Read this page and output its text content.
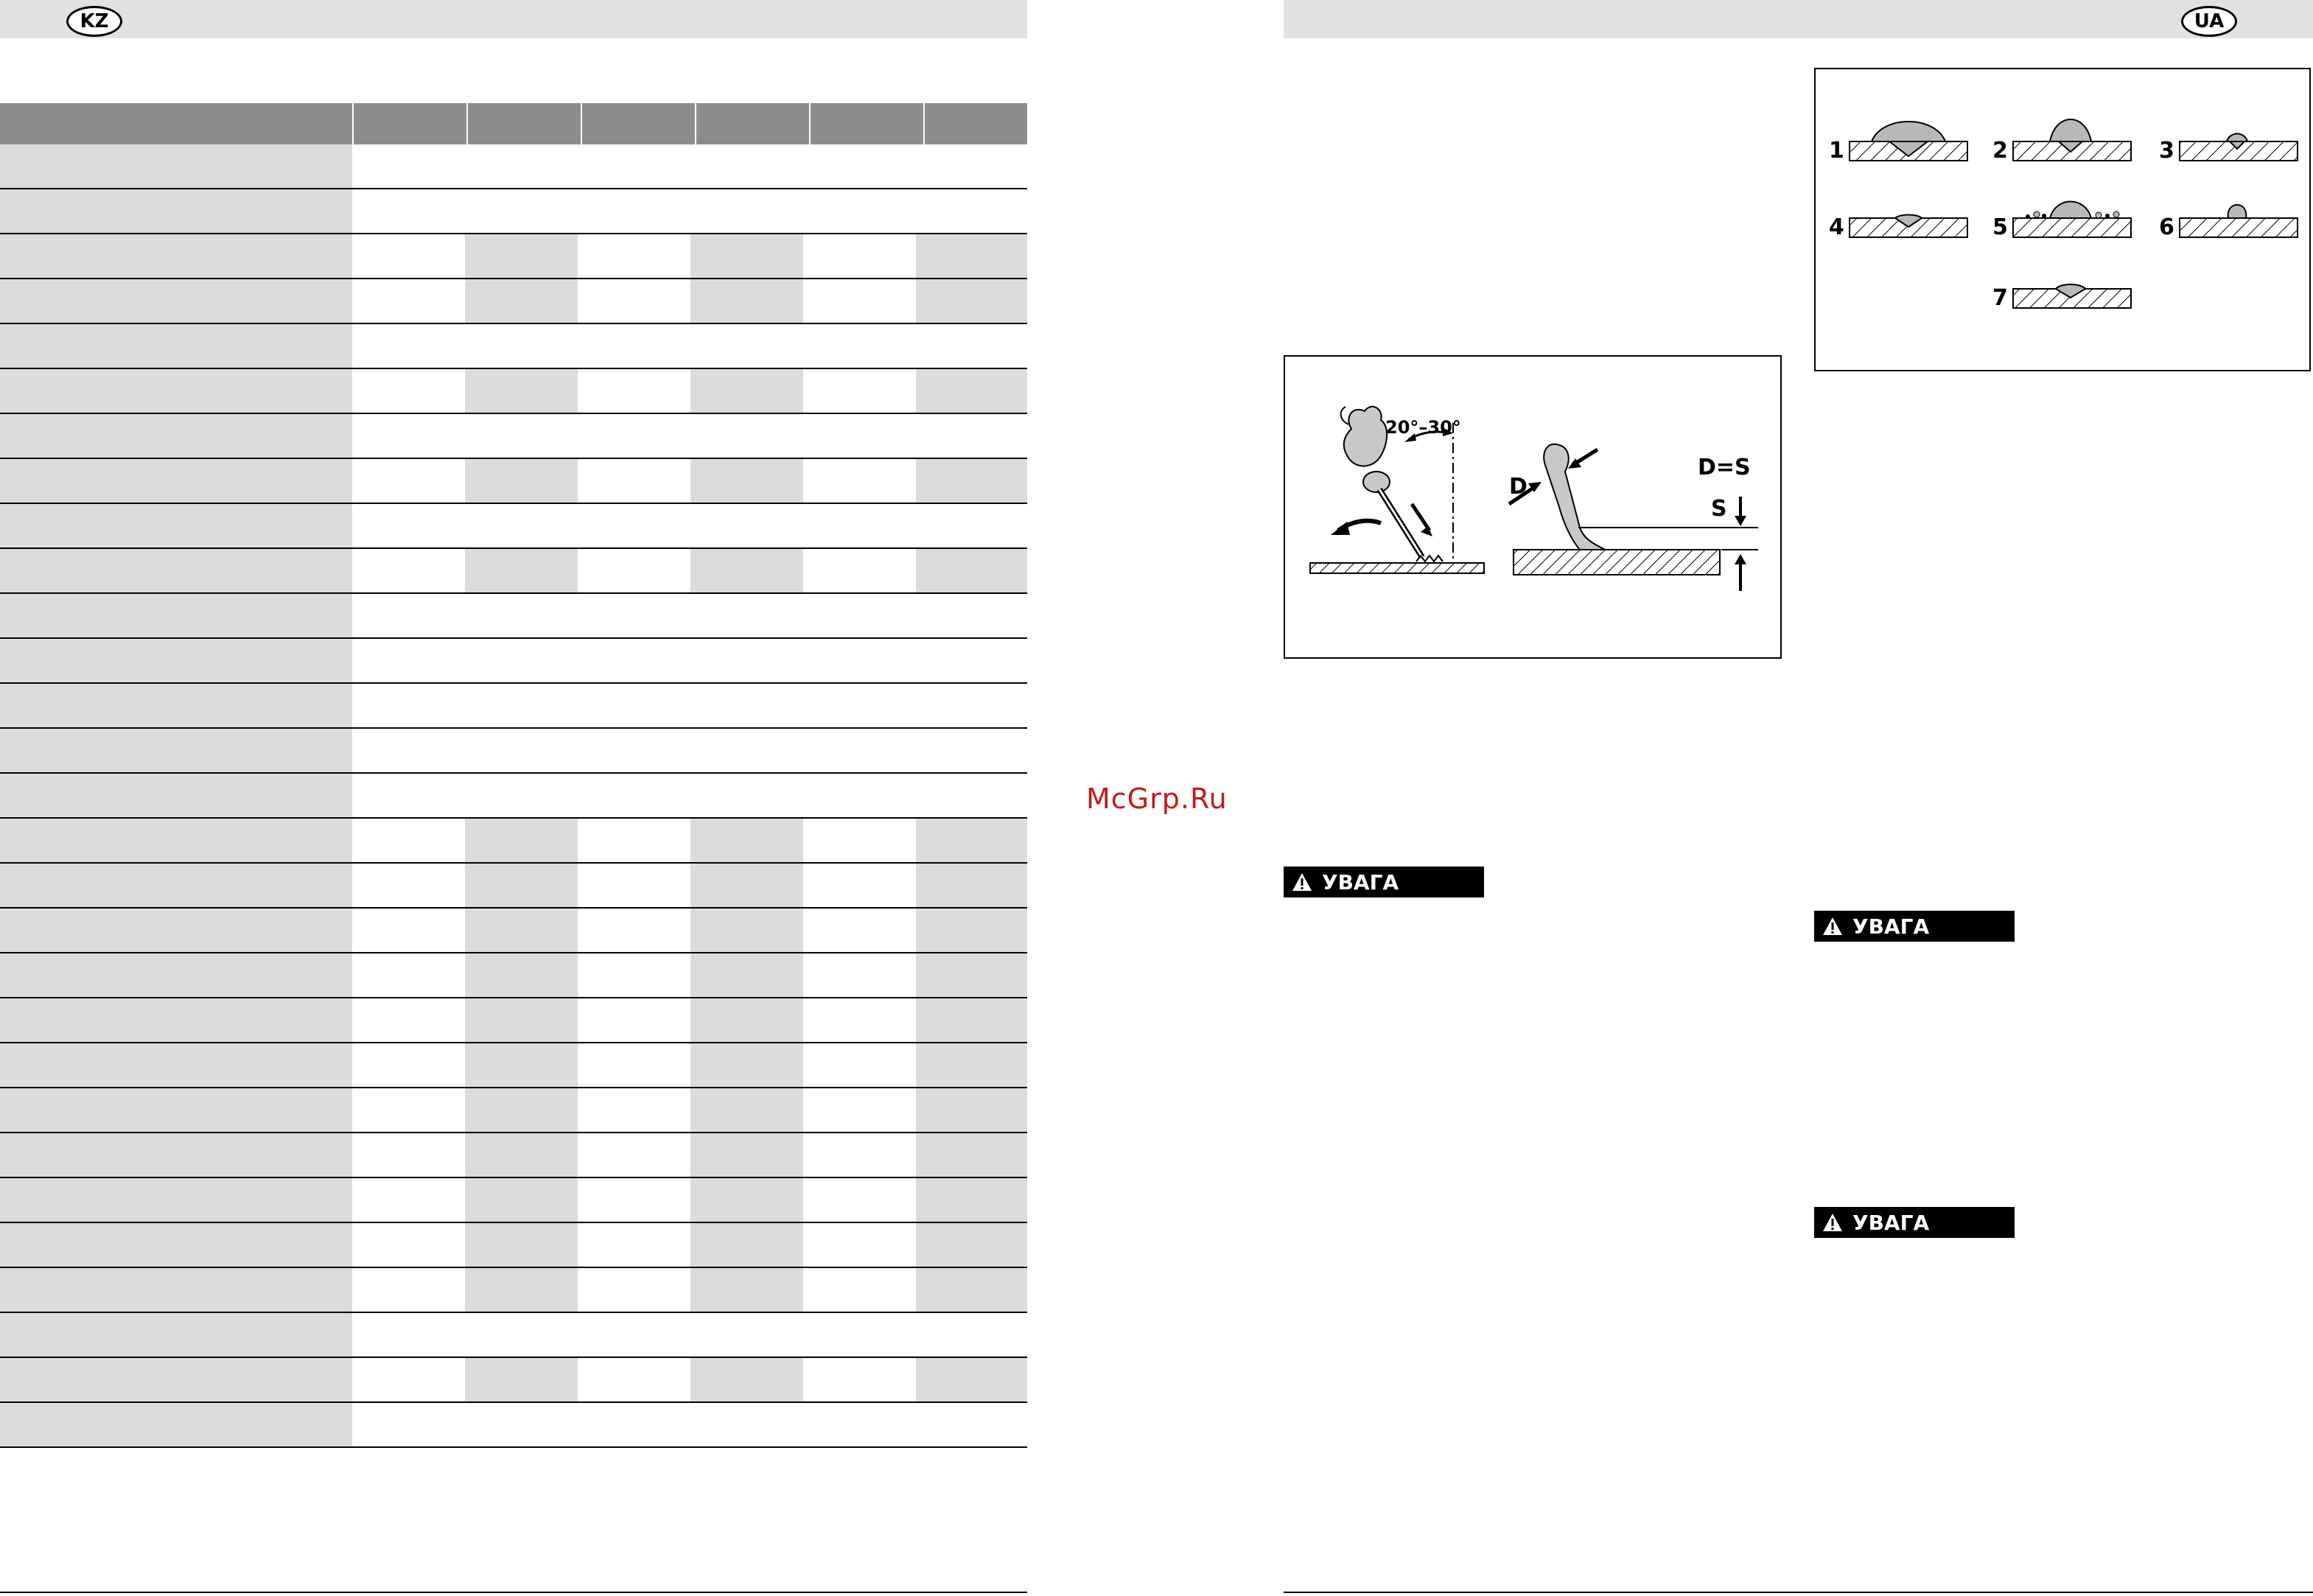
KZ
McGrp.Ru
UA
1	2	3
4	5	6
7
20°–30°
D
D=S
S
УВАГА
УВАГА
УВАГА
